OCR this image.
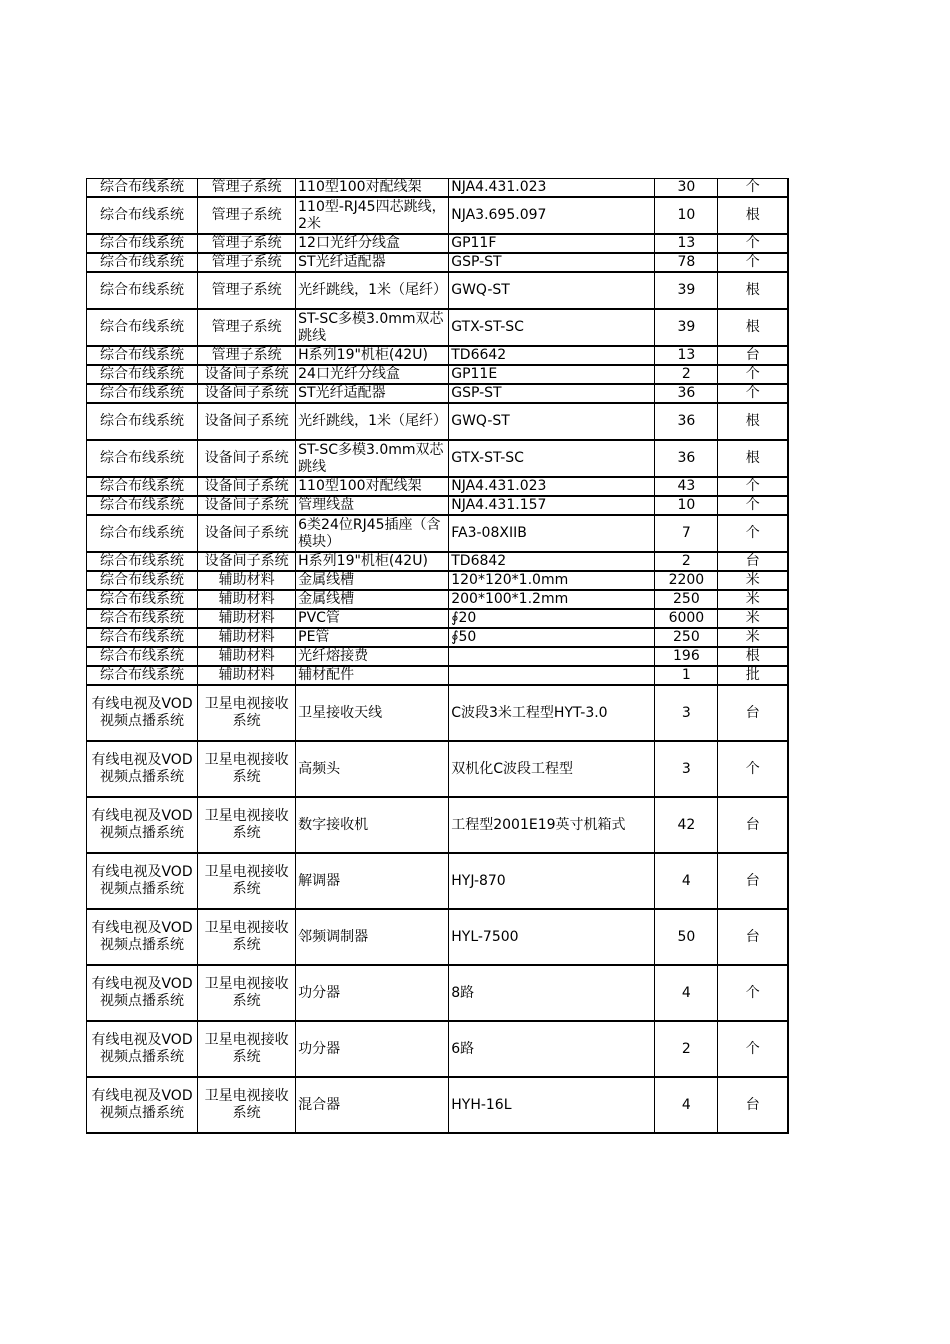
综合布线系统	管理子系统	110型100对配线架	NJA4.431.023	30	个
综合布线系统	管理子系统	110型-RJ45四芯跳线，2米	NJA3.695.097	10	根
综合布线系统	管理子系统	12口光纤分线盒	GP11F	13	个
综合布线系统	管理子系统	ST光纤适配器	GSP-ST	78	个
综合布线系统	管理子系统	光纤跳线，1米（尾纤）	GWQ-ST	39	根
综合布线系统	管理子系统	ST-SC多模3.0mm双芯跳线	GTX-ST-SC	39	根
综合布线系统	管理子系统	H系列19"机柜(42U)	TD6642	13	台
综合布线系统	设备间子系统	24口光纤分线盒	GP11E	2	个
综合布线系统	设备间子系统	ST光纤适配器	GSP-ST	36	个
综合布线系统	设备间子系统	光纤跳线，1米（尾纤）	GWQ-ST	36	根
综合布线系统	设备间子系统	ST-SC多模3.0mm双芯跳线	GTX-ST-SC	36	根
综合布线系统	设备间子系统	110型100对配线架	NJA4.431.023	43	个
综合布线系统	设备间子系统	管理线盘	NJA4.431.157	10	个
综合布线系统	设备间子系统	6类24位RJ45插座（含模块）	FA3-08XIIB	7	个
综合布线系统	设备间子系统	H系列19"机柜(42U)	TD6842	2	台
综合布线系统	辅助材料	金属线槽	120*120*1.0mm	2200	米
综合布线系统	辅助材料	金属线槽	200*100*1.2mm	250	米
综合布线系统	辅助材料	PVC管	∮20	6000	米
综合布线系统	辅助材料	PE管	∮50	250	米
综合布线系统	辅助材料	光纤熔接费		196	根
综合布线系统	辅助材料	辅材配件		1	批
有线电视及VOD视频点播系统	卫星电视接收系统	卫星接收天线	C波段3米工程型HYT-3.0	3	台
有线电视及VOD视频点播系统	卫星电视接收系统	高频头	双机化C波段工程型	3	个
有线电视及VOD视频点播系统	卫星电视接收系统	数字接收机	工程型2001E19英寸机箱式	42	台
有线电视及VOD视频点播系统	卫星电视接收系统	解调器	HYJ-870	4	台
有线电视及VOD视频点播系统	卫星电视接收系统	邻频调制器	HYL-7500	50	台
有线电视及VOD视频点播系统	卫星电视接收系统	功分器	8路	4	个
有线电视及VOD视频点播系统	卫星电视接收系统	功分器	6路	2	个
有线电视及VOD视频点播系统	卫星电视接收系统	混合器	HYH-16L	4	台
